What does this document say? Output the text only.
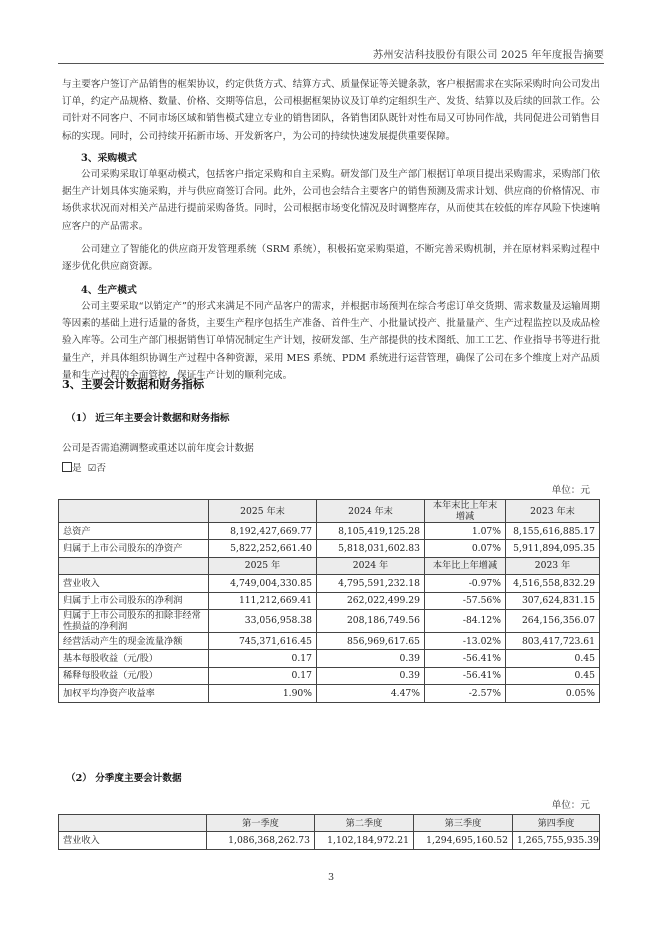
苏州安洁科技股份有限公司 2025 年年度报告摘要

与主要客户签订产品销售的框架协议，约定供货方式、结算方式、质量保证等关键条款，客户根据需求在实际采购时向公司发出订单，约定产品规格、数量、价格、交期等信息，公司根据框架协议及订单约定组织生产、发货、结算以及后续的回款工作。公司针对不同客户、不同市场区域和销售模式建立专业的销售团队，各销售团队既针对性布局又可协同作战，共同促进公司销售目标的实现。同时，公司持续开拓新市场、开发新客户，为公司的持续快速发展提供重要保障。

3、采购模式

公司采购采取订单驱动模式，包括客户指定采购和自主采购。研发部门及生产部门根据订单项目提出采购需求，采购部门依据生产计划具体实施采购，并与供应商签订合同。此外，公司也会结合主要客户的销售预测及需求计划、供应商的价格情况、市场供求状况而对相关产品进行提前采购备货。同时，公司根据市场变化情况及时调整库存，从而使其在较低的库存风险下快速响应客户的产品需求。

公司建立了智能化的供应商开发管理系统（SRM 系统），积极拓宽采购渠道，不断完善采购机制，并在原材料采购过程中逐步优化供应商资源。

4、生产模式

公司主要采取“以销定产”的形式来满足不同产品客户的需求，并根据市场预判在综合考虑订单交货期、需求数量及运输周期等因素的基础上进行适量的备货，主要生产程序包括生产准备、首件生产、小批量试投产、批量量产、生产过程监控以及成品检验入库等。公司生产部门根据销售订单情况制定生产计划，按研发部、生产部提供的技术图纸、加工工艺、作业指导书等进行批量生产，并具体组织协调生产过程中各种资源，采用 MES 系统、PDM 系统进行运营管理，确保了公司在多个维度上对产品质量和生产过程的全面管控，保证生产计划的顺利完成。

3、主要会计数据和财务指标
（1） 近三年主要会计数据和财务指标
公司是否需追溯调整或重述以前年度会计数据
是 ☑否
单位：元
	2025 年末	2024 年末	本年末比上年末增减	2023 年末
总资产	8,192,427,669.77	8,105,419,125.28	1.07%	8,155,616,885.17
归属于上市公司股东的净资产	5,822,252,661.40	5,818,031,602.83	0.07%	5,911,894,095.35
	2025 年	2024 年	本年比上年增减	2023 年
营业收入	4,749,004,330.85	4,795,591,232.18	-0.97%	4,516,558,832.29
归属于上市公司股东的净利润	111,212,669.41	262,022,499.29	-57.56%	307,624,831.15
归属于上市公司股东的扣除非经常性损益的净利润	33,056,958.38	208,186,749.56	-84.12%	264,156,356.07
经营活动产生的现金流量净额	745,371,616.45	856,969,617.65	-13.02%	803,417,723.61
基本每股收益（元/股）	0.17	0.39	-56.41%	0.45
稀释每股收益（元/股）	0.17	0.39	-56.41%	0.45
加权平均净资产收益率	1.90%	4.47%	-2.57%	0.05%
（2） 分季度主要会计数据
单位：元
	第一季度	第二季度	第三季度	第四季度
营业收入	1,086,368,262.73	1,102,184,972.21	1,294,695,160.52	1,265,755,935.39
3
